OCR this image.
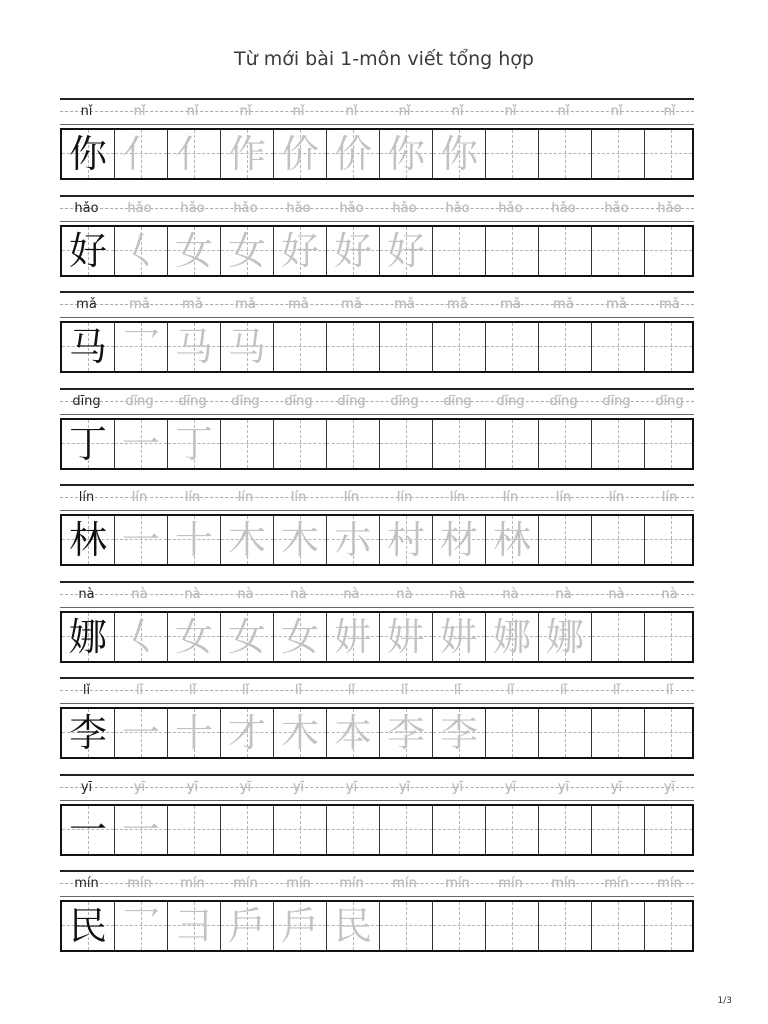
Từ mới bài 1-môn viết tổng hợp
nǐ	nǐ	nǐ	nǐ	nǐ	nǐ	nǐ	nǐ	nǐ	nǐ	nǐ	nǐ
你 亻 亻 作 价 价 你 你
hǎo	hǎo	hǎo	hǎo	hǎo	hǎo	hǎo	hǎo	hǎo	hǎo	hǎo	hǎo
好 𡿨 女 女 好 好 好
mǎ	mǎ	mǎ	mǎ	mǎ	mǎ	mǎ	mǎ	mǎ	mǎ	mǎ	mǎ
马 乛 马 马
dīng	dīng	dīng	dīng	dīng	dīng	dīng	dīng	dīng	dīng	dīng	dīng
丁 一 丁
lín	lín	lín	lín	lín	lín	lín	lín	lín	lín	lín	lín
林 一 十 木 木 朩 村 材 林
nà	nà	nà	nà	nà	nà	nà	nà	nà	nà	nà	nà
娜 𡿨 女 女 女 妌 妌 妌 娜 娜
lǐ	lǐ	lǐ	lǐ	lǐ	lǐ	lǐ	lǐ	lǐ	lǐ	lǐ	lǐ
李 一 十 才 木 本 李 李
yī	yī	yī	yī	yī	yī	yī	yī	yī	yī	yī	yī
一 一
mín	mín	mín	mín	mín	mín	mín	mín	mín	mín	mín	mín
民 乛 彐 戶 戶 民
1/3
